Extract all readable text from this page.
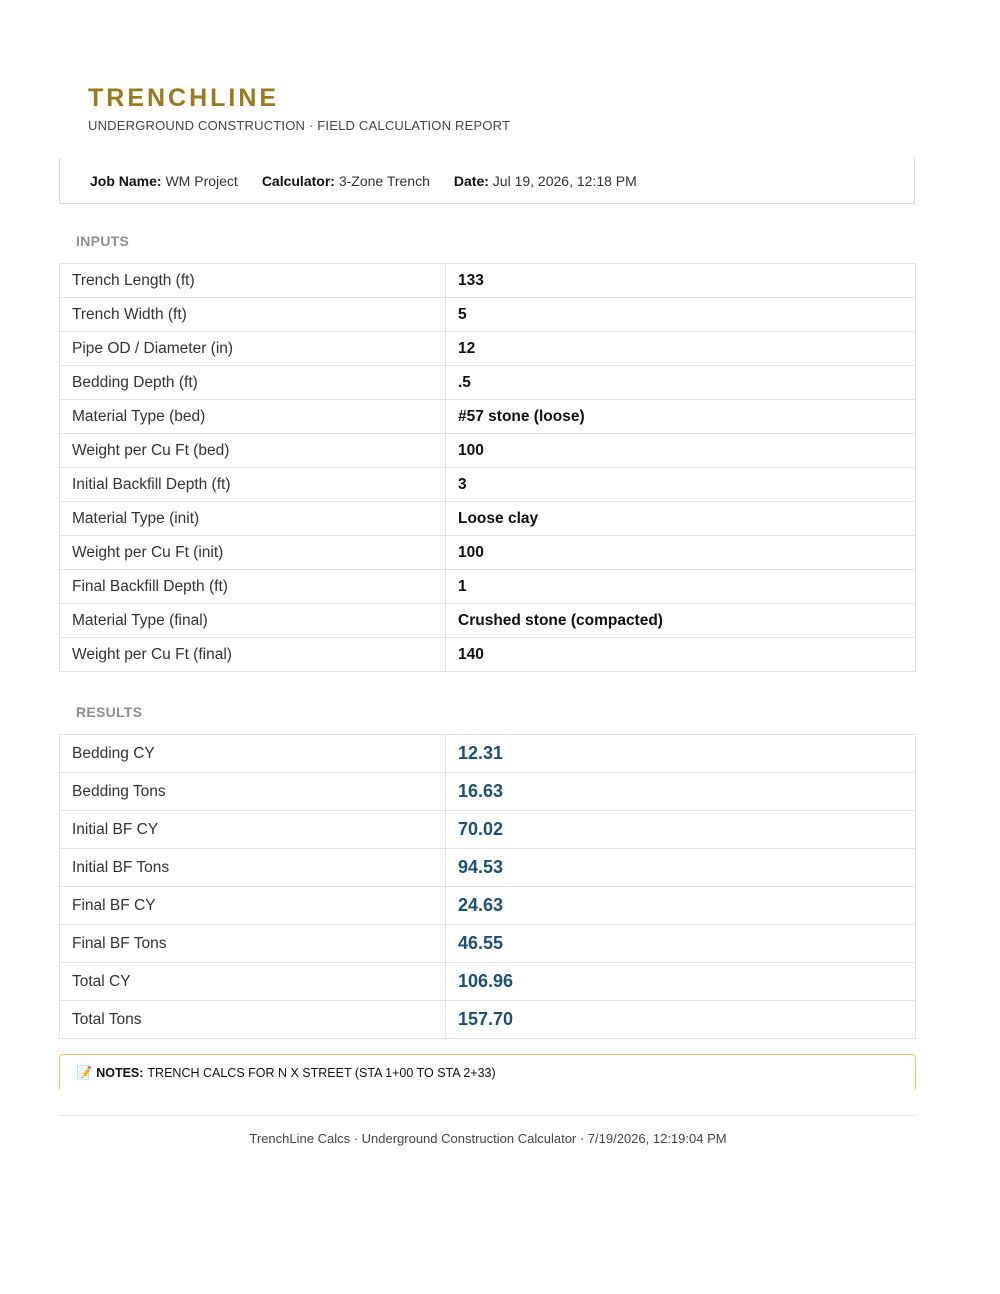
TRENCHLINE
UNDERGROUND CONSTRUCTION · FIELD CALCULATION REPORT
Job Name: WM Project Calculator: 3-Zone Trench Date: Jul 19, 2026, 12:18 PM
INPUTS
Trench Length (ft)	133
Trench Width (ft)	5
Pipe OD / Diameter (in)	12
Bedding Depth (ft)	.5
Material Type (bed)	#57 stone (loose)
Weight per Cu Ft (bed)	100
Initial Backfill Depth (ft)	3
Material Type (init)	Loose clay
Weight per Cu Ft (init)	100
Final Backfill Depth (ft)	1
Material Type (final)	Crushed stone (compacted)
Weight per Cu Ft (final)	140
RESULTS
Bedding CY	12.31
Bedding Tons	16.63
Initial BF CY	70.02
Initial BF Tons	94.53
Final BF CY	24.63
Final BF Tons	46.55
Total CY	106.96
Total Tons	157.70
📝 NOTES: TRENCH CALCS FOR N X STREET (STA 1+00 TO STA 2+33)
TrenchLine Calcs · Underground Construction Calculator · 7/19/2026, 12:19:04 PM
